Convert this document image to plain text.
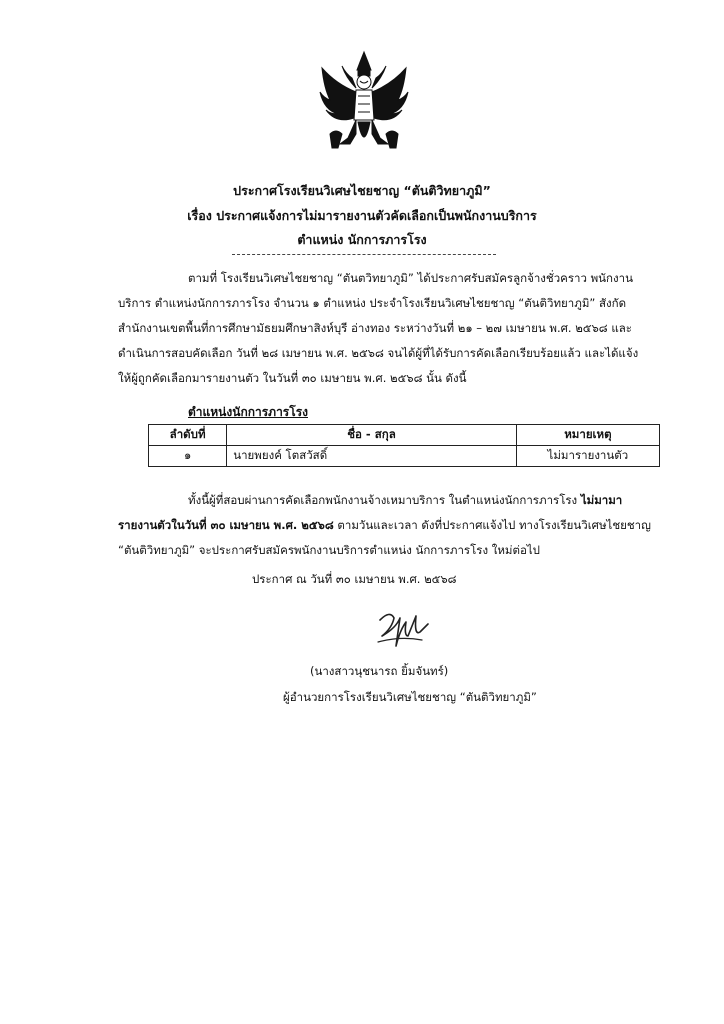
ประกาศโรงเรียนวิเศษไชยชาญ “ตันติวิทยาภูมิ”
เรื่อง ประกาศแจ้งการไม่มารายงานตัวคัดเลือกเป็นพนักงานบริการ
ตำแหน่ง นักการภารโรง
ตามที่ โรงเรียนวิเศษไชยชาญ “ตันตวิทยาภูมิ” ได้ประกาศรับสมัครลูกจ้างชั่วคราว พนักงาน
บริการ ตำแหน่งนักการภารโรง จำนวน ๑ ตำแหน่ง ประจำโรงเรียนวิเศษไชยชาญ “ตันติวิทยาภูมิ” สังกัด
สำนักงานเขตพื้นที่การศึกษามัธยมศึกษาสิงห์บุรี อ่างทอง ระหว่างวันที่ ๒๑ – ๒๗ เมษายน พ.ศ. ๒๕๖๘ และ
ดำเนินการสอบคัดเลือก วันที่ ๒๘ เมษายน พ.ศ. ๒๕๖๘ จนได้ผู้ที่ได้รับการคัดเลือกเรียบร้อยแล้ว และได้แจ้ง
ให้ผู้ถูกคัดเลือกมารายงานตัว ในวันที่ ๓๐ เมษายน พ.ศ. ๒๕๖๘ นั้น ดังนี้
ตำแหน่งนักการภารโรง
ลำดับที่	ชื่อ - สกุล	หมายเหตุ
๑	นายพยงค์ โตสวัสดิ์	ไม่มารายงานตัว
ทั้งนี้ผู้ที่สอบผ่านการคัดเลือกพนักงานจ้างเหมาบริการ ในตำแหน่งนักการภารโรง ไม่มามา
รายงานตัวในวันที่ ๓๐ เมษายน พ.ศ. ๒๕๖๘ ตามวันและเวลา ดังที่ประกาศแจ้งไป ทางโรงเรียนวิเศษไชยชาญ
“ตันติวิทยาภูมิ” จะประกาศรับสมัครพนักงานบริการตำแหน่ง นักการภารโรง ใหม่ต่อไป
ประกาศ ณ วันที่ ๓๐ เมษายน พ.ศ. ๒๕๖๘
(นางสาวนุชนารถ ยิ้มจันทร์)
ผู้อำนวยการโรงเรียนวิเศษไชยชาญ “ตันติวิทยาภูมิ”
